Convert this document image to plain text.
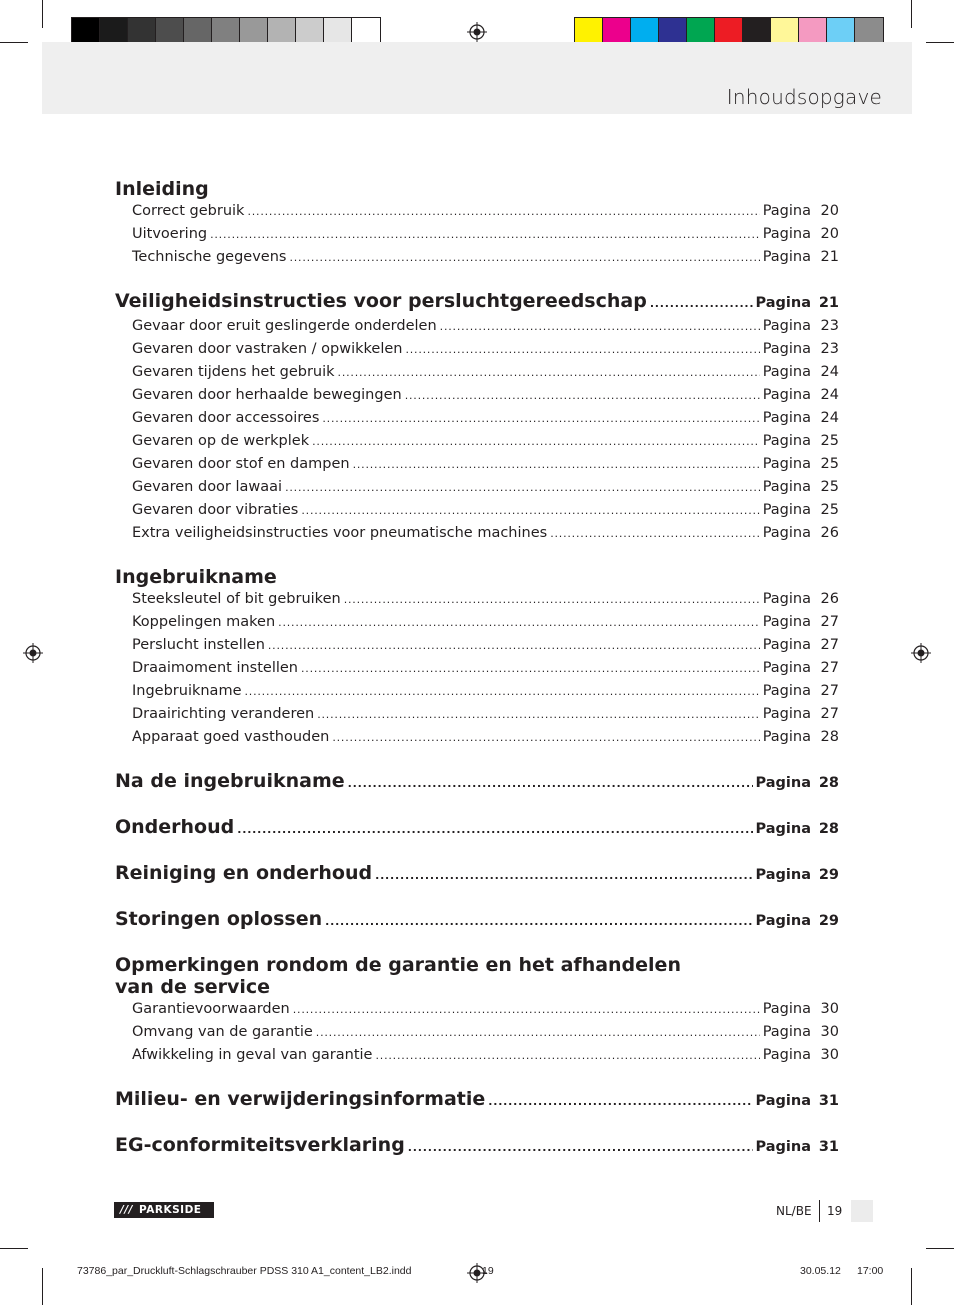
Inhoudsopgave
Inleiding
Correct gebruik .....	Pagina 20
Uitvoering .....	Pagina 20
Technische gegevens .....	Pagina 21
Veiligheidsinstructies voor persluchtgereedschap .....	Pagina 21
Gevaar door eruit geslingerde onderdelen .....	Pagina 23
Gevaren door vastraken / opwikkelen .....	Pagina 23
Gevaren tijdens het gebruik .....	Pagina 24
Gevaren door herhaalde bewegingen .....	Pagina 24
Gevaren door accessoires .....	Pagina 24
Gevaren op de werkplek .....	Pagina 25
Gevaren door stof en dampen .....	Pagina 25
Gevaren door lawaai .....	Pagina 25
Gevaren door vibraties .....	Pagina 25
Extra veiligheidsinstructies voor pneumatische machines .....	Pagina 26
Ingebruikname
Steeksleutel of bit gebruiken .....	Pagina 26
Koppelingen maken .....	Pagina 27
Perslucht instellen .....	Pagina 27
Draaimoment instellen .....	Pagina 27
Ingebruikname .....	Pagina 27
Draairichting veranderen .....	Pagina 27
Apparaat goed vasthouden .....	Pagina 28
Na de ingebruikname .....	Pagina 28
Onderhoud .....	Pagina 28
Reiniging en onderhoud .....	Pagina 29
Storingen oplossen .....	Pagina 29
Opmerkingen rondom de garantie en het afhandelen
van de service
Garantievoorwaarden .....	Pagina 30
Omvang van de garantie .....	Pagina 30
Afwikkeling in geval van garantie .....	Pagina 30
Milieu- en verwijderingsinformatie .....	Pagina 31
EG-conformiteitsverklaring .....	Pagina 31
/// PARKSIDE	NL/BE 19
73786_par_Druckluft-Schlagschrauber PDSS 310 A1_content_LB2.indd	19	30.05.12 17:00
